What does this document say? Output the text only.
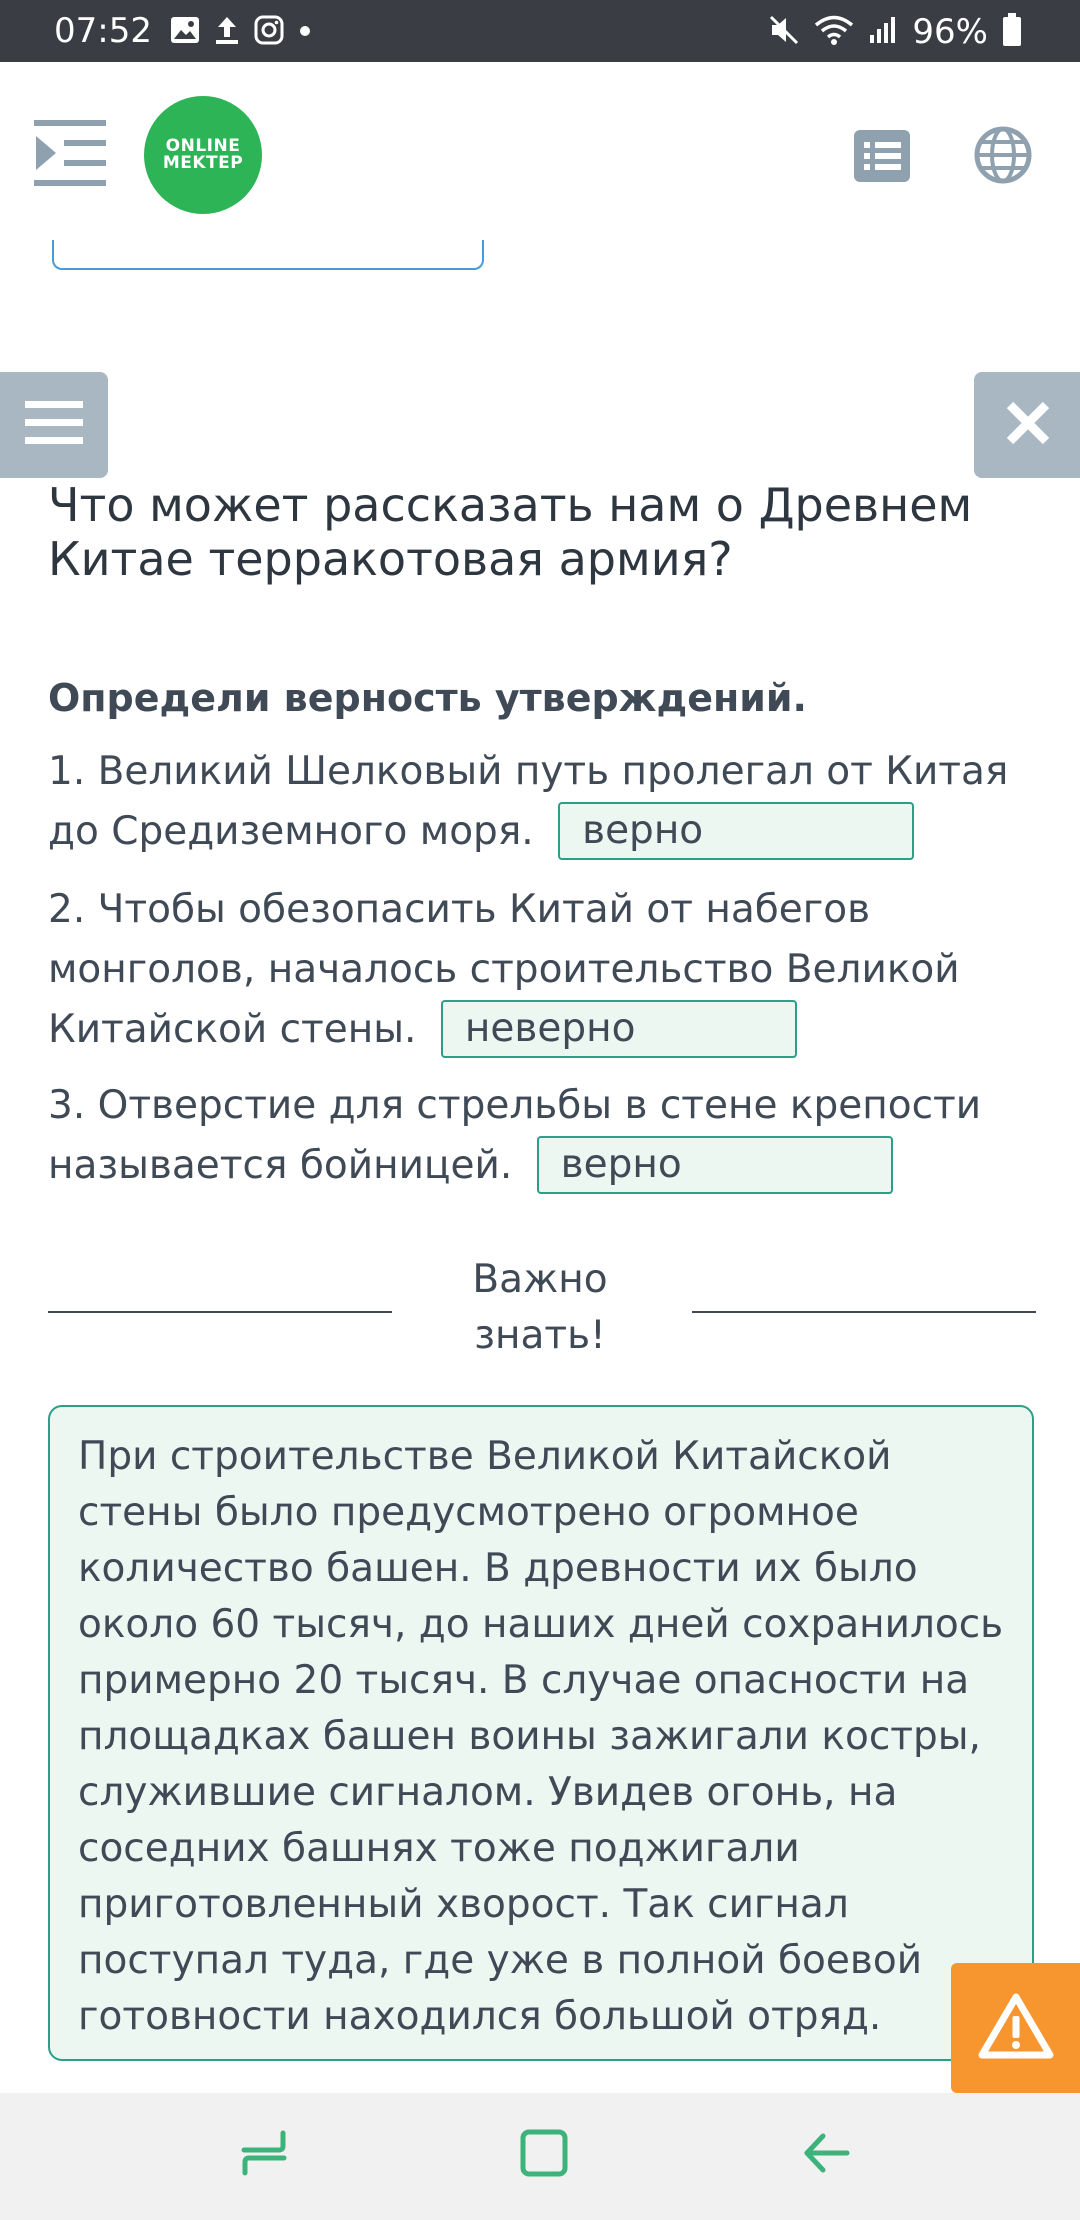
07:52	96%
ONLINE
MEKTEP
Что может рассказать нам о Древнем Китае терракотовая армия?
Определи верность утверждений.
1. Великий Шелковый путь пролегал от Китая до Средиземного моря. верно
2. Чтобы обезопасить Китай от набегов монголов, началось строительство Великой Китайской стены. неверно
3. Отверстие для стрельбы в стене крепости называется бойницей. верно
Важно знать!
При строительстве Великой Китайской стены было предусмотрено огромное количество башен. В древности их было около 60 тысяч, до наших дней сохранилось примерно 20 тысяч. В случае опасности на площадках башен воины зажигали костры, служившие сигналом. Увидев огонь, на соседних башнях тоже поджигали приготовленный хворост. Так сигнал поступал туда, где уже в полной боевой готовности находился большой отряд.
